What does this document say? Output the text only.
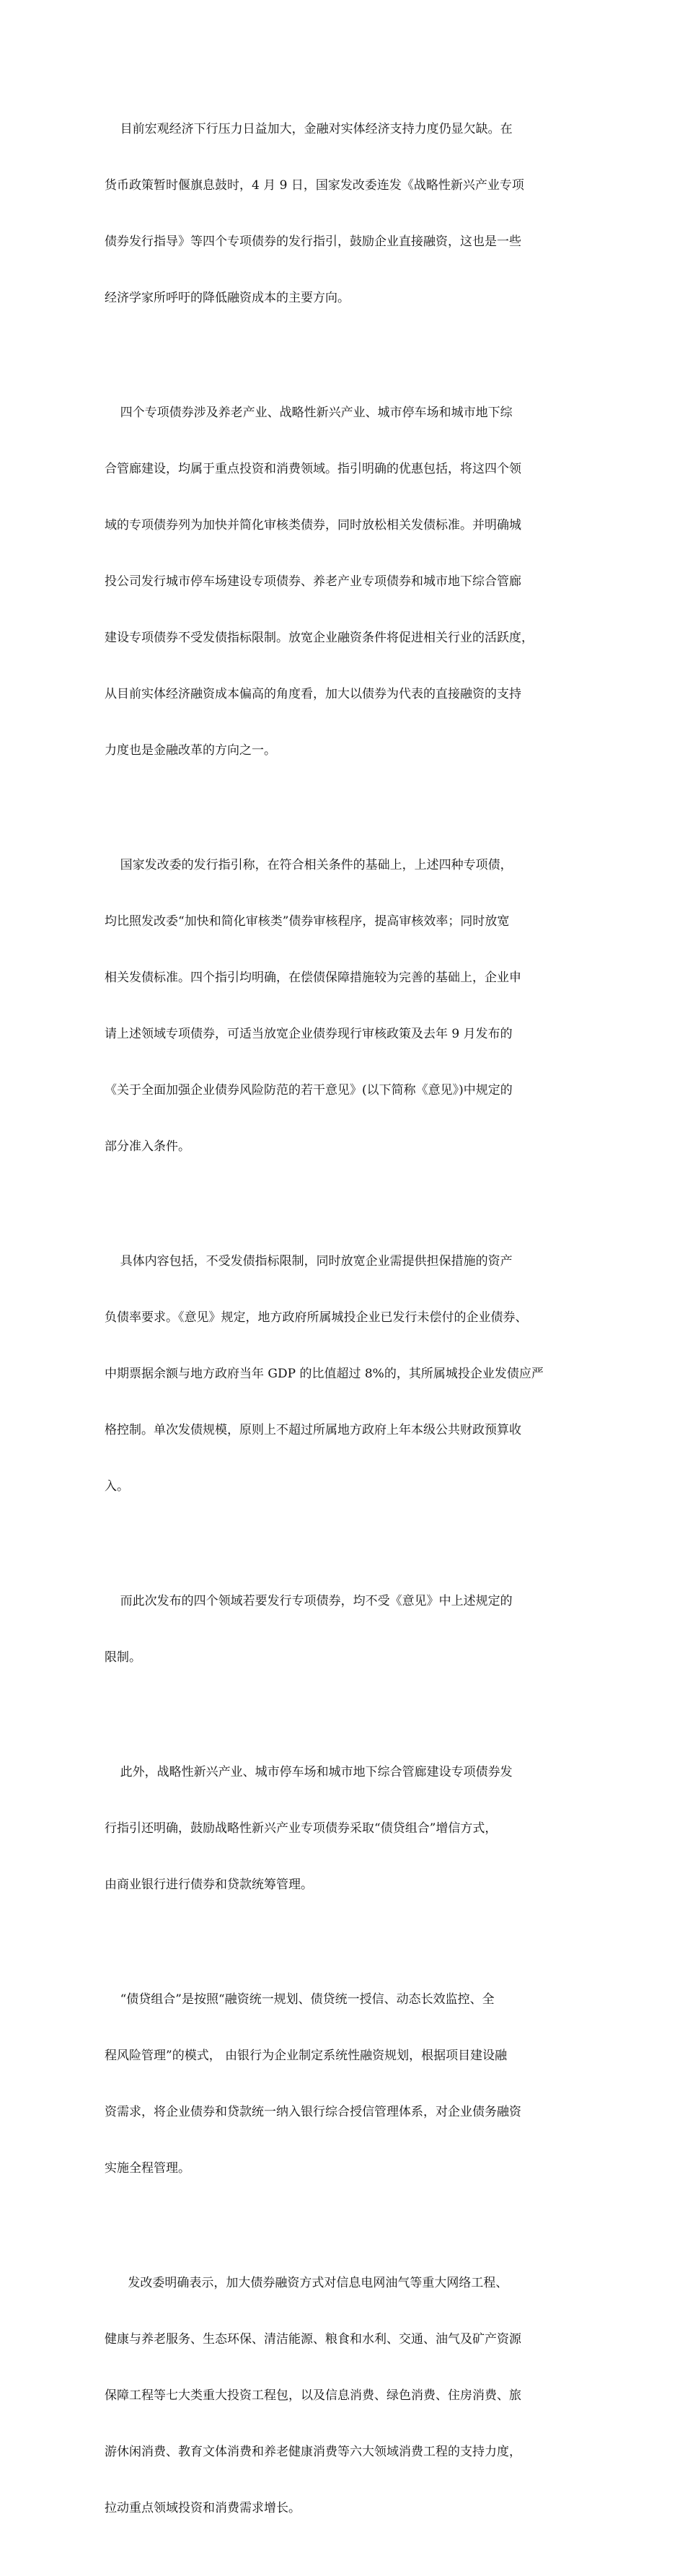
目前宏观经济下行压力日益加大，金融对实体经济支持力度仍显欠缺。在

货币政策暂时偃旗息鼓时，4 月 9 日，国家发改委连发《战略性新兴产业专项

债券发行指导》等四个专项债券的发行指引，鼓励企业直接融资，这也是一些

经济学家所呼吁的降低融资成本的主要方向。

四个专项债券涉及养老产业、战略性新兴产业、城市停车场和城市地下综

合管廊建设，均属于重点投资和消费领域。指引明确的优惠包括，将这四个领

域的专项债券列为加快并简化审核类债券，同时放松相关发债标准。并明确城

投公司发行城市停车场建设专项债券、养老产业专项债券和城市地下综合管廊

建设专项债券不受发债指标限制。放宽企业融资条件将促进相关行业的活跃度，

从目前实体经济融资成本偏高的角度看，加大以债券为代表的直接融资的支持

力度也是金融改革的方向之一。

国家发改委的发行指引称，在符合相关条件的基础上，上述四种专项债，

均比照发改委“加快和简化审核类”债券审核程序，提高审核效率；同时放宽

相关发债标准。四个指引均明确，在偿债保障措施较为完善的基础上，企业申

请上述领域专项债券，可适当放宽企业债券现行审核政策及去年 9 月发布的

《关于全面加强企业债券风险防范的若干意见》(以下简称《意见》)中规定的

部分准入条件。

具体内容包括，不受发债指标限制，同时放宽企业需提供担保措施的资产

负债率要求。《意见》规定，地方政府所属城投企业已发行未偿付的企业债券、

中期票据余额与地方政府当年 GDP 的比值超过 8%的，其所属城投企业发债应严

格控制。单次发债规模，原则上不超过所属地方政府上年本级公共财政预算收

入。

而此次发布的四个领域若要发行专项债券，均不受《意见》中上述规定的

限制。

此外，战略性新兴产业、城市停车场和城市地下综合管廊建设专项债券发

行指引还明确，鼓励战略性新兴产业专项债券采取“债贷组合”增信方式，

由商业银行进行债券和贷款统筹管理。

“债贷组合”是按照“融资统一规划、债贷统一授信、动态长效监控、全

程风险管理”的模式， 由银行为企业制定系统性融资规划，根据项目建设融

资需求，将企业债券和贷款统一纳入银行综合授信管理体系，对企业债务融资

实施全程管理。

发改委明确表示，加大债券融资方式对信息电网油气等重大网络工程、

健康与养老服务、生态环保、清洁能源、粮食和水利、交通、油气及矿产资源

保障工程等七大类重大投资工程包，以及信息消费、绿色消费、住房消费、旅

游休闲消费、教育文体消费和养老健康消费等六大领域消费工程的支持力度，

拉动重点领域投资和消费需求增长。
